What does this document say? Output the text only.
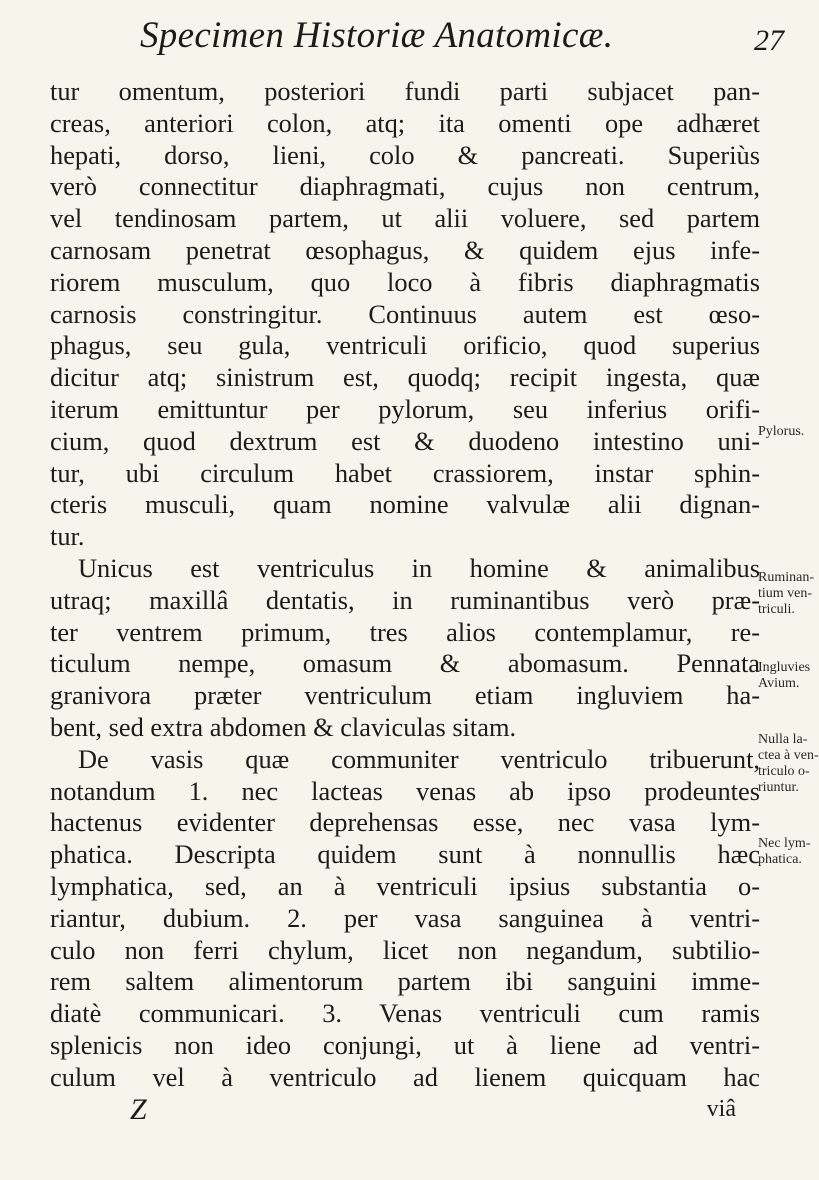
Specimen Historiæ Anatomicæ.	27
tur omentum, posteriori fundi parti subjacet pan-
creas, anteriori colon, atq; ita omenti ope adhæret
hepati, dorso, lieni, colo & pancreati. Superiùs
verò connectitur diaphragmati, cujus non centrum,
vel tendinosam partem, ut alii voluere, sed partem
carnosam penetrat œsophagus, & quidem ejus infe-
riorem musculum, quo loco à fibris diaphragmatis
carnosis constringitur. Continuus autem est œso-
phagus, seu gula, ventriculi orificio, quod superius
dicitur atq; sinistrum est, quodq; recipit ingesta, quæ
iterum emittuntur per pylorum, seu inferius orifi-
cium, quod dextrum est & duodeno intestino uni-
tur, ubi circulum habet crassiorem, instar sphin-
cteris musculi, quam nomine valvulæ alii dignan-
tur.
Unicus est ventriculus in homine & animalibus
utraq; maxillâ dentatis, in ruminantibus verò præ-
ter ventrem primum, tres alios contemplamur, re-
ticulum nempe, omasum & abomasum. Pennata
granivora præter ventriculum etiam ingluviem ha-
bent, sed extra abdomen & claviculas sitam.
De vasis quæ communiter ventriculo tribuerunt,
notandum 1. nec lacteas venas ab ipso prodeuntes
hactenus evidenter deprehensas esse, nec vasa lym-
phatica. Descripta quidem sunt à nonnullis hæc
lymphatica, sed, an à ventriculi ipsius substantia o-
riantur, dubium. 2. per vasa sanguinea à ventri-
culo non ferri chylum, licet non negandum, subtilio-
rem saltem alimentorum partem ibi sanguini imme-
diatè communicari. 3. Venas ventriculi cum ramis
splenicis non ideo conjungi, ut à liene ad ventri-
culum vel à ventriculo ad lienem quicquam hac
Z	viâ
Pylorus.
Ruminan-
tium ven-
triculi.
Ingluvies
Avium.
Nulla la-
ctea à ven-
triculo o-
riuntur.
Nec lym-
phatica.
